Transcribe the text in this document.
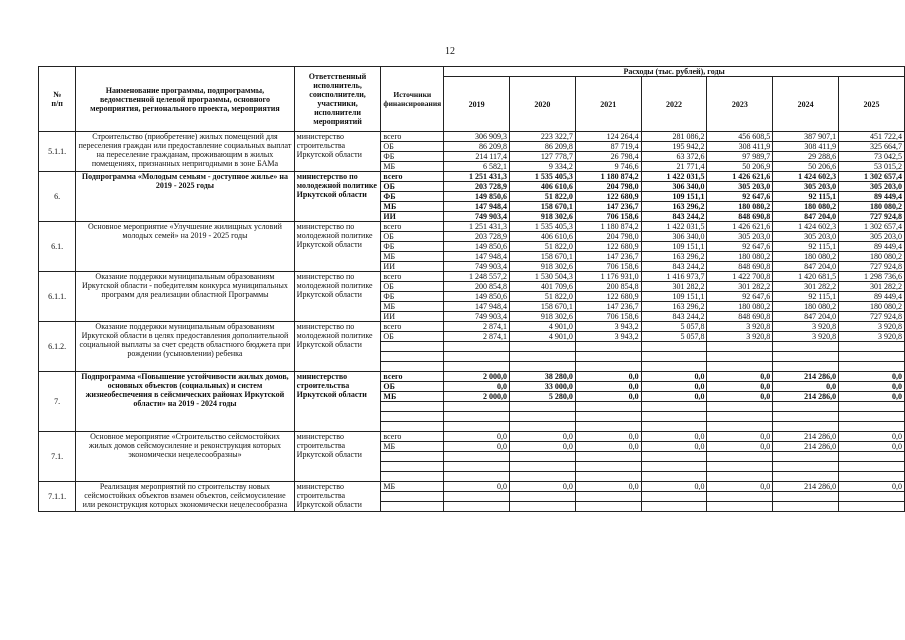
12
№
п/п	Наименование программы, подпрограммы, ведомственной целевой программы, основного мероприятия, регионального проекта, мероприятия	Ответственный исполнитель, соисполнители, участники, исполнители мероприятий	Источники финансирования	Расходы (тыс. рублей), годы						
				2019	2020	2021	2022	2023	2024	2025
5.1.1.	Строительство (приобретение) жилых помещений для переселения граждан или предоставление социальных выплат на переселение гражданам, проживающим в жилых помещениях, признанных непригодными в зоне БАМа	министерство строительства Иркутской области	всего	306 909,3	223 322,7	124 264,4	281 086,2	456 608,5	387 907,1	451 722,4
			ОБ	86 209,8	86 209,8	87 719,4	195 942,2	308 411,9	308 411,9	325 664,7
			ФБ	214 117,4	127 778,7	26 798,4	63 372,6	97 989,7	29 288,6	73 042,5
			МБ	6 582,1	9 334,2	9 746,6	21 771,4	50 206,9	50 206,6	53 015,2
6.	Подпрограмма «Молодым семьям - доступное жилье» на 2019 - 2025 годы	министерство по молодежной политике Иркутской области	всего	1 251 431,3	1 535 405,3	1 180 874,2	1 422 031,5	1 426 621,6	1 424 602,3	1 302 657,4
			ОБ	203 728,9	406 610,6	204 798,0	306 340,0	305 203,0	305 203,0	305 203,0
			ФБ	149 850,6	51 822,0	122 680,9	109 151,1	92 647,6	92 115,1	89 449,4
			МБ	147 948,4	158 670,1	147 236,7	163 296,2	180 080,2	180 080,2	180 080,2
			ИИ	749 903,4	918 302,6	706 158,6	843 244,2	848 690,8	847 204,0	727 924,8
6.1.	Основное мероприятие «Улучшение жилищных условий молодых семей» на 2019 - 2025 годы	министерство по молодежной политике Иркутской области	всего	1 251 431,3	1 535 405,3	1 180 874,2	1 422 031,5	1 426 621,6	1 424 602,3	1 302 657,4
			ОБ	203 728,9	406 610,6	204 798,0	306 340,0	305 203,0	305 203,0	305 203,0
			ФБ	149 850,6	51 822,0	122 680,9	109 151,1	92 647,6	92 115,1	89 449,4
			МБ	147 948,4	158 670,1	147 236,7	163 296,2	180 080,2	180 080,2	180 080,2
			ИИ	749 903,4	918 302,6	706 158,6	843 244,2	848 690,8	847 204,0	727 924,8
6.1.1.	Оказание поддержки муниципальным образованиям Иркутской области - победителям конкурса муниципальных программ для реализации областной Программы	министерство по молодежной политике Иркутской области	всего	1 248 557,2	1 530 504,3	1 176 931,0	1 416 973,7	1 422 700,8	1 420 681,5	1 298 736,6
			ОБ	200 854,8	401 709,6	200 854,8	301 282,2	301 282,2	301 282,2	301 282,2
			ФБ	149 850,6	51 822,0	122 680,9	109 151,1	92 647,6	92 115,1	89 449,4
			МБ	147 948,4	158 670,1	147 236,7	163 296,2	180 080,2	180 080,2	180 080,2
			ИИ	749 903,4	918 302,6	706 158,6	843 244,2	848 690,8	847 204,0	727 924,8
6.1.2.	Оказание поддержки муниципальным образованиям Иркутской области в целях предоставления дополнительной социальной выплаты за счет средств областного бюджета при рождении (усыновлении) ребенка	министерство по молодежной политике Иркутской области	всего	2 874,1	4 901,0	3 943,2	5 057,8	3 920,8	3 920,8	3 920,8
			ОБ	2 874,1	4 901,0	3 943,2	5 057,8	3 920,8	3 920,8	3 920,8

7.	Подпрограмма «Повышение устойчивости жилых домов, основных объектов (социальных) и систем жизнеобеспечения в сейсмических районах Иркутской области» на 2019 - 2024 годы	министерство строительства Иркутской области	всего	2 000,0	38 280,0	0,0	0,0	0,0	214 286,0	0,0
			ОБ	0,0	33 000,0	0,0	0,0	0,0	0,0	0,0
			МБ	2 000,0	5 280,0	0,0	0,0	0,0	214 286,0	0,0

7.1.	Основное мероприятие «Строительство сейсмостойких жилых домов сейсмоусиление и реконструкция которых экономически нецелесообразны»	министерство строительства Иркутской области	всего	0,0	0,0	0,0	0,0	0,0	214 286,0	0,0
			МБ	0,0	0,0	0,0	0,0	0,0	214 286,0	0,0

7.1.1.	Реализация мероприятий по строительству новых сейсмостойких объектов взамен объектов, сейсмоусиление или реконструкция которых экономически нецелесообразна	министерство строительства Иркутской области	МБ	0,0	0,0	0,0	0,0	0,0	214 286,0	0,0
